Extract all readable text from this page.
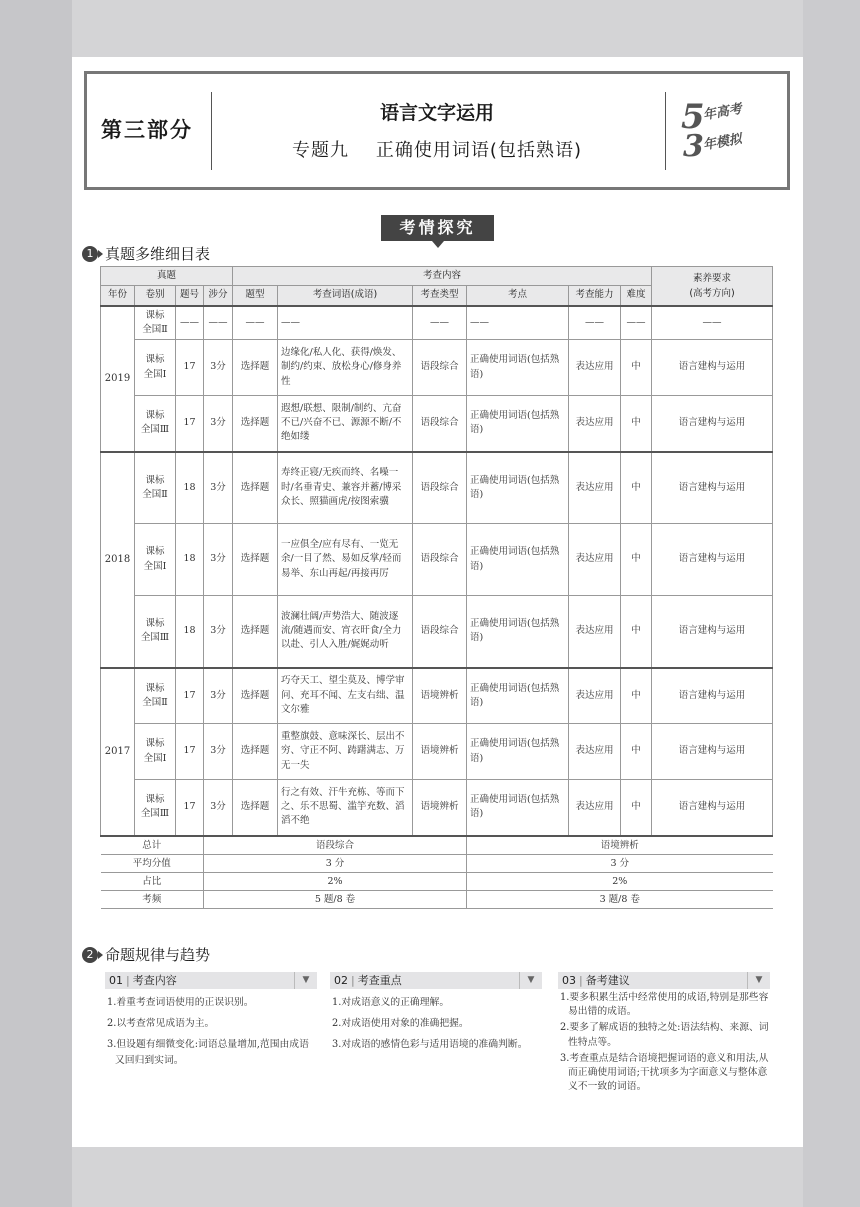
第三部分
语言文字运用
专题九    正确使用词语(包括熟语)
5
年高考
3
年模拟
考情探究
1 真题多维细目表
真题				考查内容						素养要求
(高考方向)
年份	卷别	题号	涉分	题型	考查词语(成语)	考查类型	考点	考查能力	难度	
2019	课标
全国Ⅱ	——	——	——	——	——	——	——	——	——
	课标
全国Ⅰ	17	3分	选择题	边缘化/私人化、获得/焕发、制约/约束、放松身心/修身养性	语段综合	正确使用词语(包括熟语)	表达应用	中	语言建构与运用
	课标
全国Ⅲ	17	3分	选择题	遐想/联想、限制/制约、亢奋不已/兴奋不已、源源不断/不绝如缕	语段综合	正确使用词语(包括熟语)	表达应用	中	语言建构与运用
2018	课标
全国Ⅱ	18	3分	选择题	寿终正寝/无疾而终、名噪一时/名垂青史、兼容并蓄/博采众长、照猫画虎/按图索骥	语段综合	正确使用词语(包括熟语)	表达应用	中	语言建构与运用
	课标
全国Ⅰ	18	3分	选择题	一应俱全/应有尽有、一览无余/一目了然、易如反掌/轻而易举、东山再起/再接再厉	语段综合	正确使用词语(包括熟语)	表达应用	中	语言建构与运用
	课标
全国Ⅲ	18	3分	选择题	波澜壮阔/声势浩大、随波逐流/随遇而安、宵衣旰食/全力以赴、引人入胜/娓娓动听	语段综合	正确使用词语(包括熟语)	表达应用	中	语言建构与运用
2017	课标
全国Ⅱ	17	3分	选择题	巧夺天工、望尘莫及、博学审问、充耳不闻、左支右绌、温文尔雅	语境辨析	正确使用词语(包括熟语)	表达应用	中	语言建构与运用
	课标
全国Ⅰ	17	3分	选择题	重整旗鼓、意味深长、层出不穷、守正不阿、踌躇满志、万无一失	语境辨析	正确使用词语(包括熟语)	表达应用	中	语言建构与运用
	课标
全国Ⅲ	17	3分	选择题	行之有效、汗牛充栋、等而下之、乐不思蜀、滥竽充数、滔滔不绝	语境辨析	正确使用词语(包括熟语)	表达应用	中	语言建构与运用
总计			语段综合				语境辨析			
平均分值			3 分				3 分			
占比			2%				2%			
考频			5 题/8 卷				3 题/8 卷			
2 命题规律与趋势
01 | 考查内容	▼
1.着重考查词语使用的正误识别。
2.以考查常见成语为主。
3.但设题有细微变化:词语总量增加,范围由成语又回归到实词。
02 | 考查重点	▼
1.对成语意义的正确理解。
2.对成语使用对象的准确把握。
3.对成语的感情色彩与适用语境的准确判断。
03 | 备考建议	▼
1.要多积累生活中经常使用的成语,特别是那些容易出错的成语。
2.要多了解成语的独特之处:语法结构、来源、词性特点等。
3.考查重点是结合语境把握词语的意义和用法,从而正确使用词语;干扰项多为字面意义与整体意义不一致的词语。
